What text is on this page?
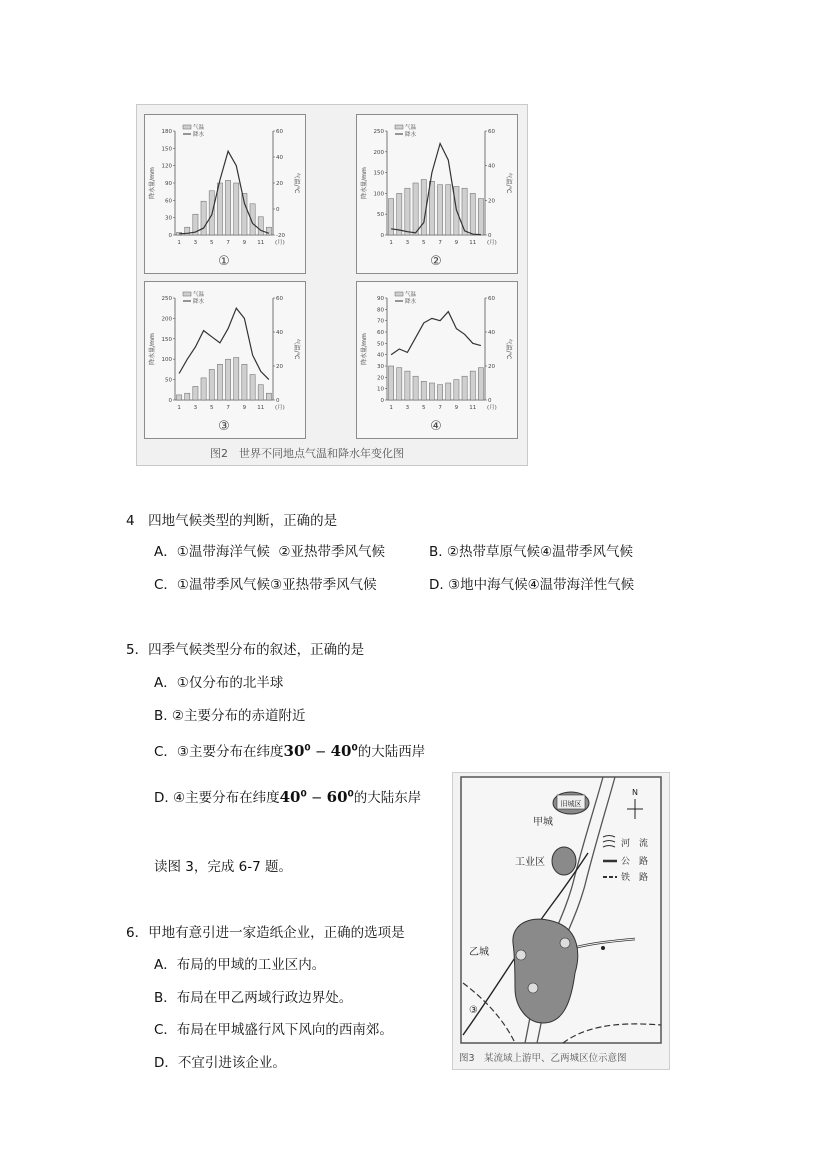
0
30
60
90
120
150
180
-20
0
20
40
60
降水量/mm	气温/℃
1 3 5 7 9 11 (月)
气温
降水
①
0
50
100
150
200
250
0
20
40
60
降水量/mm	气温/℃
1 3 5 7 9 11 (月)
气温
降水
②
0
50
100
150
200
250
0
20
40
60
降水量/mm	气温/℃
1 3 5 7 9 11 (月)
气温
降水
③
0
10
20
30
40
50
60
70
80
90
0
20
40
60
降水量/mm	气温/℃
1 3 5 7 9 11 (月)
气温
降水
④
图2　世界不同地点气温和降水年变化图
4　四地气候类型的判断，正确的是
A．①温带海洋气候  ②亚热带季风气候	B. ②热带草原气候④温带季风气候
C．①温带季风气候③亚热带季风气候	D. ③地中海气候④温带海洋性气候
5．四季气候类型分布的叙述，正确的是
A．①仅分布的北半球
B. ②主要分布的赤道附近
C．③主要分布在纬度$30^0 - 40^0$的大陆西岸
D. ④主要分布在纬度$40^0 - 60^0$的大陆东岸
读图 3，完成 6-7 题。
6．甲地有意引进一家造纸企业，正确的选项是
A．布局的甲域的工业区内。
B．布局在甲乙两域行政边界处。
C．布局在甲城盛行风下风向的西南郊。
D．不宜引进该企业。
旧城区
N
甲城
工业区
乙城
③
河　流
公　路
铁　路
图3　某流域上游甲、乙两城区位示意图
